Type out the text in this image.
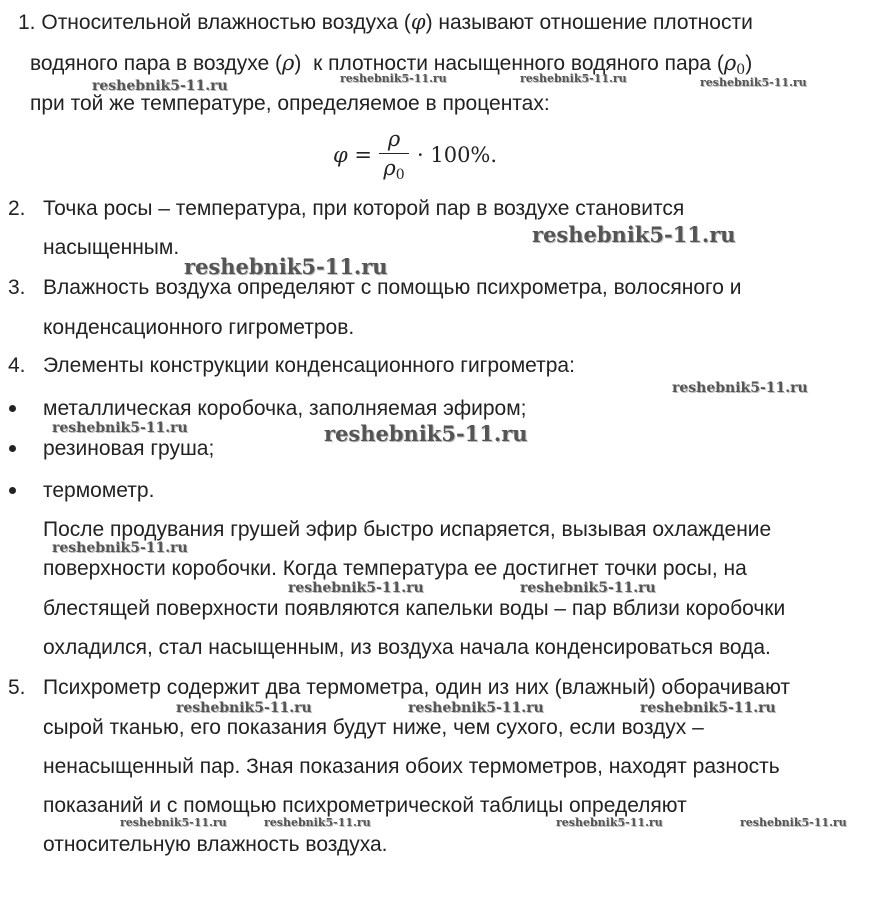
1. Относительной влажностью воздуха (φ) называют отношение плотности
водяного пара в воздухе (ρ)  к плотности насыщенного водяного пара $(\rho_0)$
при той же температуре, определяемое в процентах:
φ =
ρ
$\rho_0$
· 100%.
2. Точка росы – температура, при которой пар в воздухе становится
насыщенным.
3. Влажность воздуха определяют с помощью психрометра, волосяного и
конденсационного гигрометров.
4. Элементы конструкции конденсационного гигрометра:
металлическая коробочка, заполняемая эфиром;
резиновая груша;
термометр.
После продувания грушей эфир быстро испаряется, вызывая охлаждение
поверхности коробочки. Когда температура ее достигнет точки росы, на
блестящей поверхности появляются капельки воды – пар вблизи коробочки
охладился, стал насыщенным, из воздуха начала конденсироваться вода.
5. Психрометр содержит два термометра, один из них (влажный) оборачивают
сырой тканью, его показания будут ниже, чем сухого, если воздух –
ненасыщенный пар. Зная показания обоих термометров, находят разность
показаний и с помощью психрометрической таблицы определяют
относительную влажность воздуха.
reshebnik5-11.ru	reshebnik5-11.ru	reshebnik5-11.ru	reshebnik5-11.ru
reshebnik5-11.ru
reshebnik5-11.ru
reshebnik5-11.ru
reshebnik5-11.ru	reshebnik5-11.ru
reshebnik5-11.ru
reshebnik5-11.ru	reshebnik5-11.ru
reshebnik5-11.ru	reshebnik5-11.ru	reshebnik5-11.ru
reshebnik5-11.ru	reshebnik5-11.ru	reshebnik5-11.ru	reshebnik5-11.ru
